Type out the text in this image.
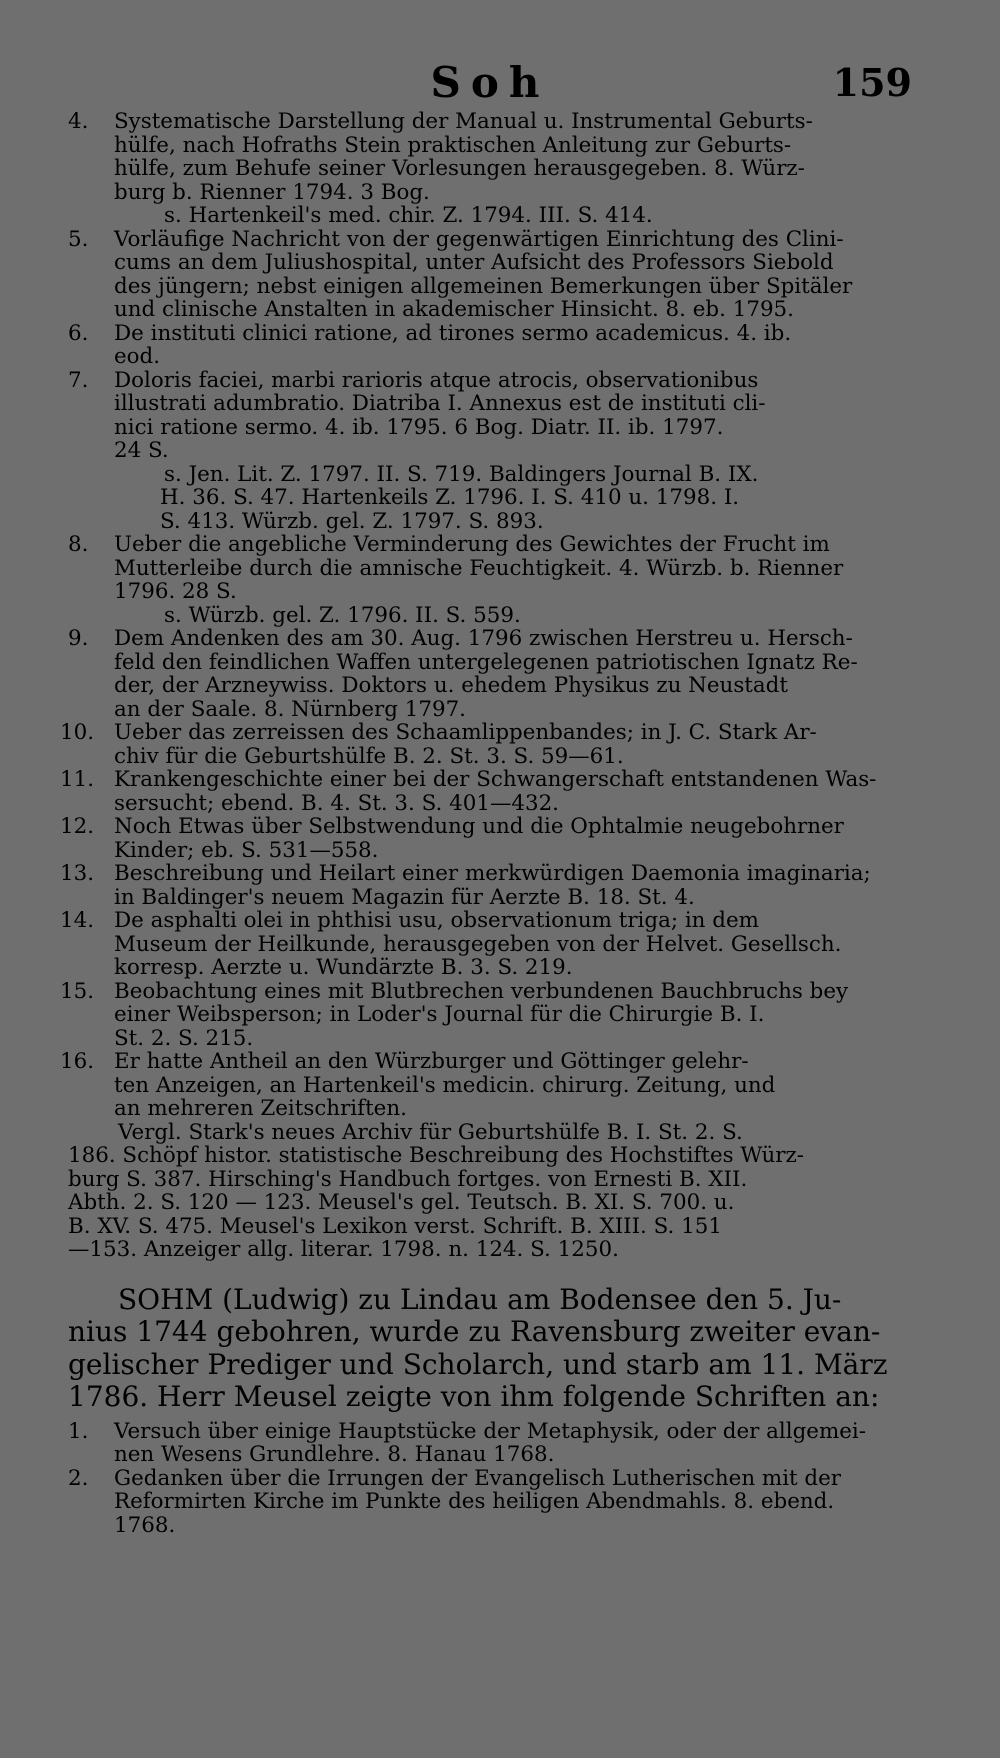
Soh	159
4.	Systematische Darstellung der Manual u. Instrumental Geburts-

hülfe, nach Hofraths Stein praktischen Anleitung zur Geburts-

hülfe, zum Behufe seiner Vorlesungen herausgegeben. 8. Würz-

burg b. Rienner 1794. 3 Bog.

s. Hartenkeil's med. chir. Z. 1794. III. S. 414.

5.	Vorläufige Nachricht von der gegenwärtigen Einrichtung des Clini-

cums an dem Juliushospital, unter Aufsicht des Professors Siebold

des jüngern; nebst einigen allgemeinen Bemerkungen über Spitäler

und clinische Anstalten in akademischer Hinsicht. 8. eb. 1795.

6.	De instituti clinici ratione, ad tirones sermo academicus. 4. ib.

eod.

7.	Doloris faciei, marbi rarioris atque atrocis, observationibus

illustrati adumbratio. Diatriba I. Annexus est de instituti cli-

nici ratione sermo. 4. ib. 1795. 6 Bog. Diatr. II. ib. 1797.

24 S.

s. Jen. Lit. Z. 1797. II. S. 719. Baldingers Journal B. IX.

H. 36. S. 47. Hartenkeils Z. 1796. I. S. 410 u. 1798. I.

S. 413. Würzb. gel. Z. 1797. S. 893.

8.	Ueber die angebliche Verminderung des Gewichtes der Frucht im

Mutterleibe durch die amnische Feuchtigkeit. 4. Würzb. b. Rienner

1796. 28 S.

s. Würzb. gel. Z. 1796. II. S. 559.

9.	Dem Andenken des am 30. Aug. 1796 zwischen Herstreu u. Hersch-

feld den feindlichen Waffen untergelegenen patriotischen Ignatz Re-

der, der Arzneywiss. Doktors u. ehedem Physikus zu Neustadt

an der Saale. 8. Nürnberg 1797.

10. Ueber das zerreissen des Schaamlippenbandes; in J. C. Stark Ar-

chiv für die Geburtshülfe B. 2. St. 3. S. 59—61.

11. Krankengeschichte einer bei der Schwangerschaft entstandenen Was-

sersucht; ebend. B. 4. St. 3. S. 401—432.

12. Noch Etwas über Selbstwendung und die Ophtalmie neugebohrner

Kinder; eb. S. 531—558.

13. Beschreibung und Heilart einer merkwürdigen Daemonia imaginaria;

in Baldinger's neuem Magazin für Aerzte B. 18. St. 4.

14. De asphalti olei in phthisi usu, observationum triga; in dem

Museum der Heilkunde, herausgegeben von der Helvet. Gesellsch.

korresp. Aerzte u. Wundärzte B. 3. S. 219.

15. Beobachtung eines mit Blutbrechen verbundenen Bauchbruchs bey

einer Weibsperson; in Loder's Journal für die Chirurgie B. I.

St. 2. S. 215.

16. Er hatte Antheil an den Würzburger und Göttinger gelehr-

ten Anzeigen, an Hartenkeil's medicin. chirurg. Zeitung, und

an mehreren Zeitschriften.

Vergl. Stark's neues Archiv für Geburtshülfe B. I. St. 2. S.

186. Schöpf histor. statistische Beschreibung des Hochstiftes Würz-

burg S. 387. Hirsching's Handbuch fortges. von Ernesti B. XII.

Abth. 2. S. 120 — 123. Meusel's gel. Teutsch. B. XI. S. 700. u.

B. XV. S. 475. Meusel's Lexikon verst. Schrift. B. XIII. S. 151

—153. Anzeiger allg. literar. 1798. n. 124. S. 1250.

SOHM (Ludwig) zu Lindau am Bodensee den 5. Ju-

nius 1744 gebohren, wurde zu Ravensburg zweiter evan-

gelischer Prediger und Scholarch, und starb am 11. März

1786. Herr Meusel zeigte von ihm folgende Schriften an:

1.	Versuch über einige Hauptstücke der Metaphysik, oder der allgemei-

nen Wesens Grundlehre. 8. Hanau 1768.

2.	Gedanken über die Irrungen der Evangelisch Lutherischen mit der

Reformirten Kirche im Punkte des heiligen Abendmahls. 8. ebend.

1768.
